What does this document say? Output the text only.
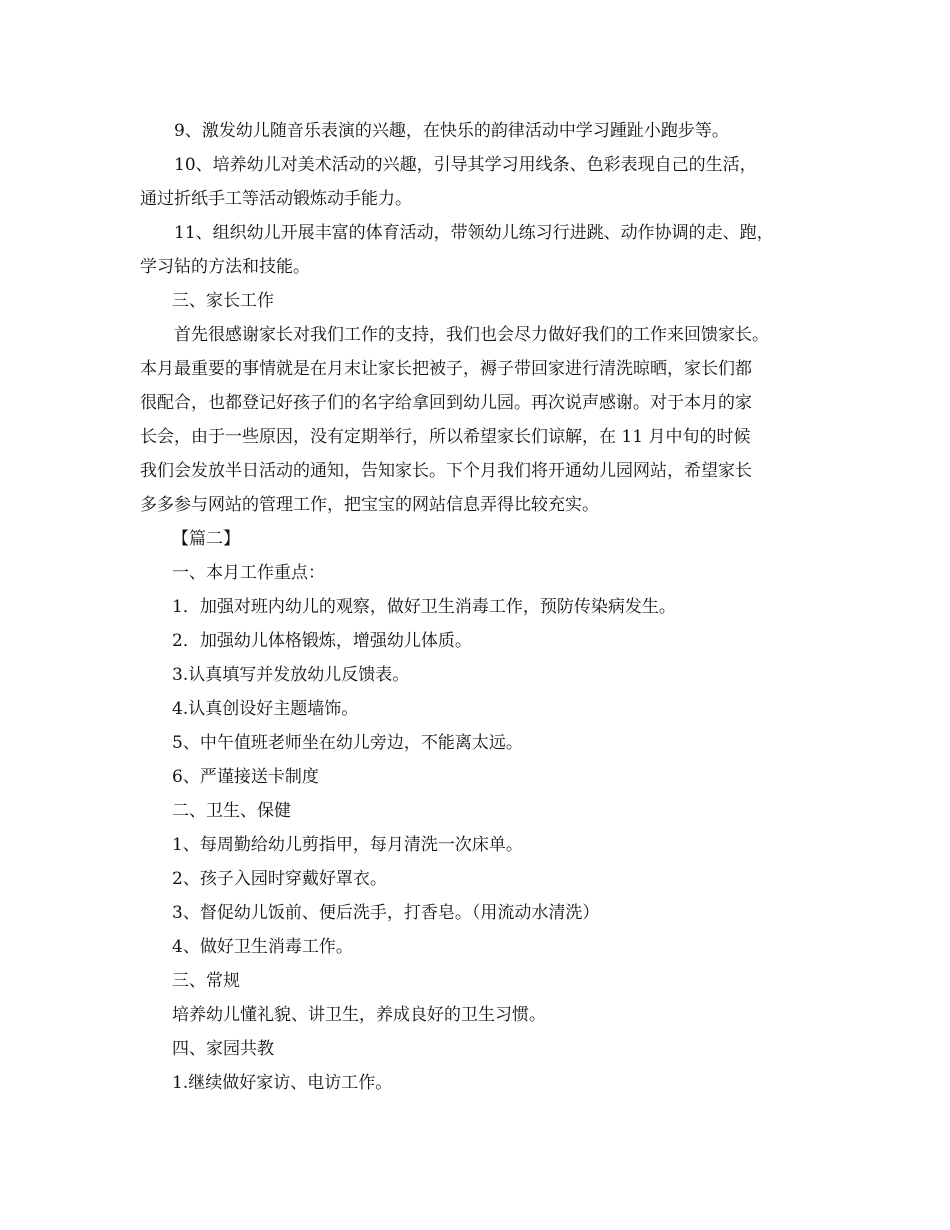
9、激发幼儿随音乐表演的兴趣，在快乐的韵律活动中学习踵趾小跑步等。
10、培养幼儿对美术活动的兴趣，引导其学习用线条、色彩表现自己的生活，
通过折纸手工等活动锻炼动手能力。
11、组织幼儿开展丰富的体育活动，带领幼儿练习行进跳、动作协调的走、跑，
学习钻的方法和技能。
三、家长工作
首先很感谢家长对我们工作的支持，我们也会尽力做好我们的工作来回馈家长。
本月最重要的事情就是在月末让家长把被子，褥子带回家进行清洗晾晒，家长们都
很配合，也都登记好孩子们的名字给拿回到幼儿园。再次说声感谢。对于本月的家
长会，由于一些原因，没有定期举行，所以希望家长们谅解，在 11 月中旬的时候
我们会发放半日活动的通知，告知家长。下个月我们将开通幼儿园网站，希望家长
多多参与网站的管理工作，把宝宝的网站信息弄得比较充实。
【篇二】
一、本月工作重点：
1．加强对班内幼儿的观察，做好卫生消毒工作，预防传染病发生。
2．加强幼儿体格锻炼，增强幼儿体质。
3.认真填写并发放幼儿反馈表。
4.认真创设好主题墙饰。
5、中午值班老师坐在幼儿旁边，不能离太远。
6、严谨接送卡制度
二、卫生、保健
1、每周勤给幼儿剪指甲，每月清洗一次床单。
2、孩子入园时穿戴好罩衣。
3、督促幼儿饭前、便后洗手，打香皂。（用流动水清洗）
4、做好卫生消毒工作。
三、常规
培养幼儿懂礼貌、讲卫生，养成良好的卫生习惯。
四、家园共教
1.继续做好家访、电访工作。
